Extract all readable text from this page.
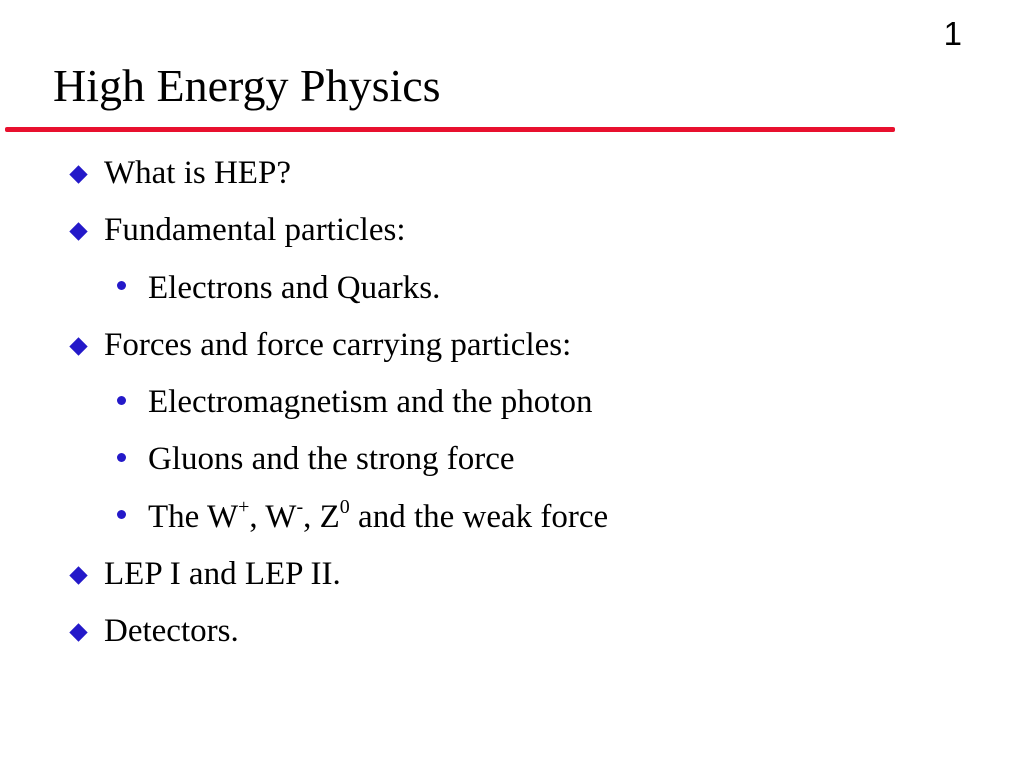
1
High Energy Physics
What is HEP?
Fundamental particles:
Electrons and Quarks.
Forces and force carrying particles:
Electromagnetism and the photon
Gluons and the strong force
The W+, W-, $Z^0$ and the weak force
LEP I and LEP II.
Detectors.
